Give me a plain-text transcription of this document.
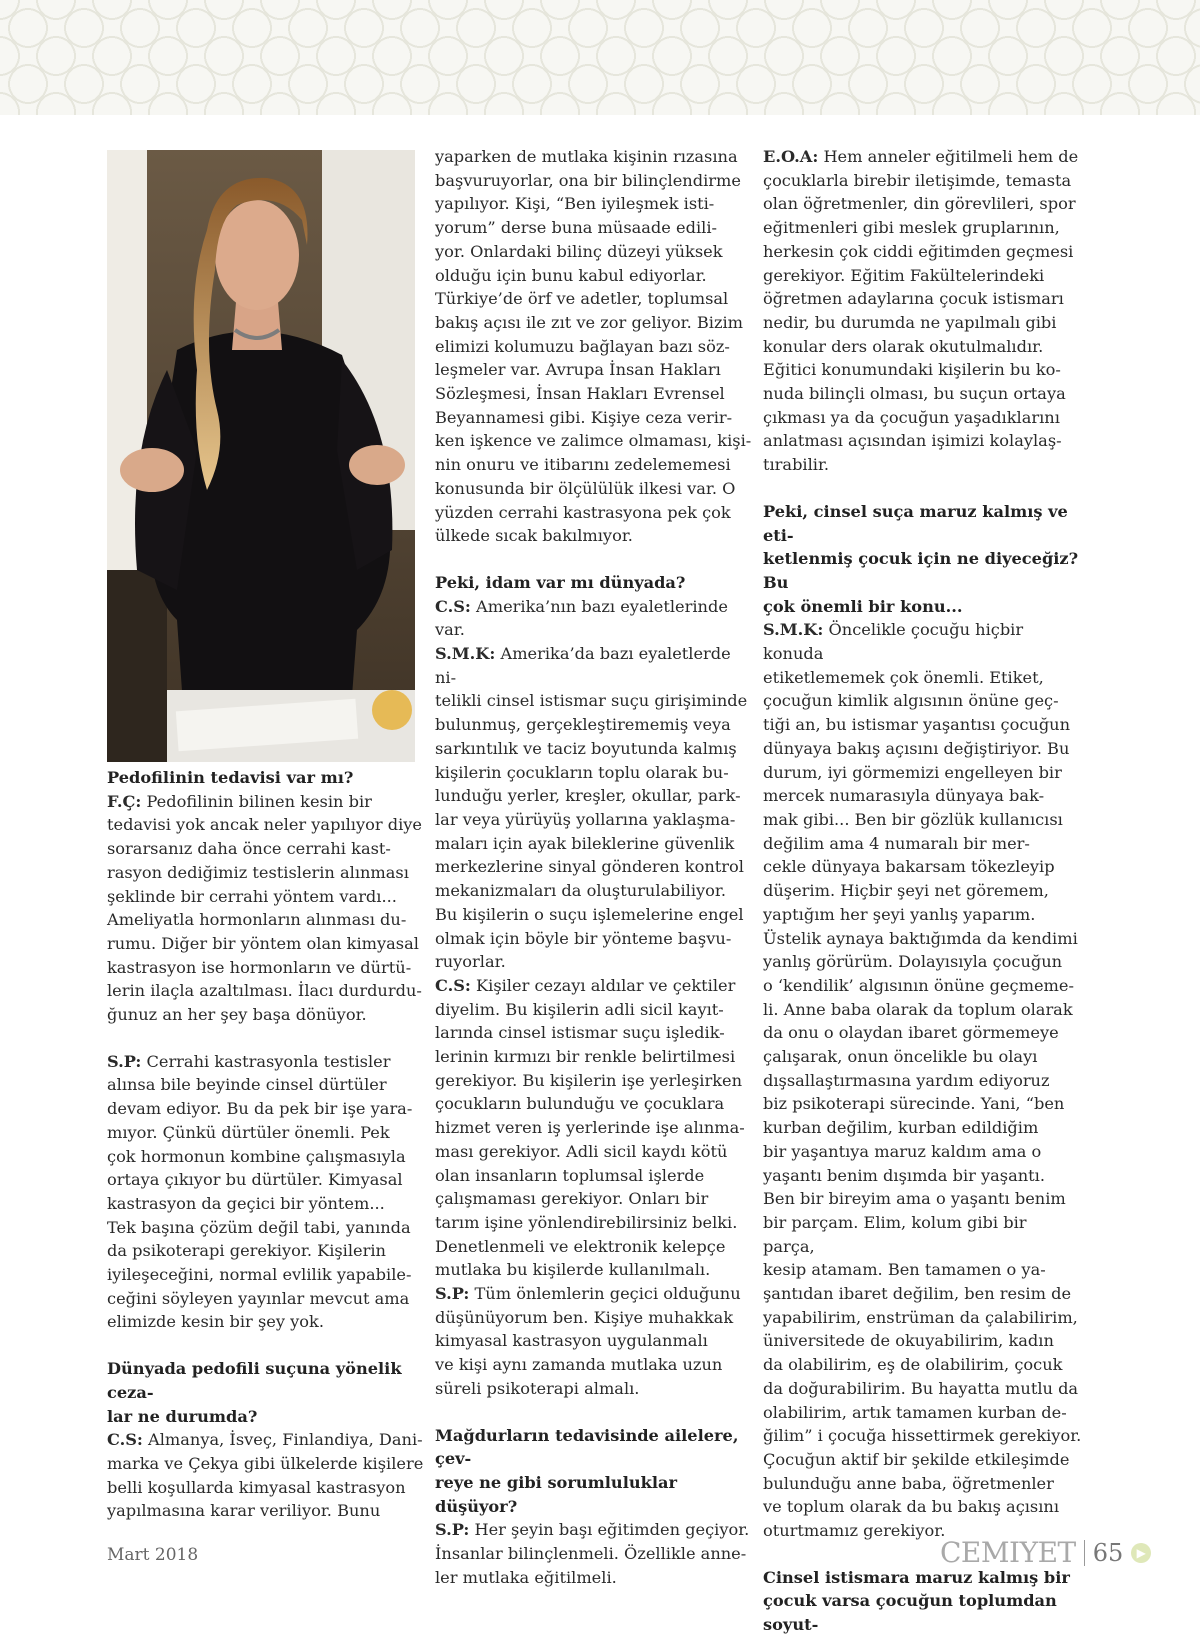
Pedofilinin tedavisi var mı?

F.Ç: Pedofilinin bilinen kesin bir
tedavisi yok ancak neler yapılıyor diye
sorarsanız daha önce cerrahi kast-
rasyon dediğimiz testislerin alınması
şeklinde bir cerrahi yöntem vardı...
Ameliyatla hormonların alınması du-
rumu. Diğer bir yöntem olan kimyasal
kastrasyon ise hormonların ve dürtü-
lerin ilaçla azaltılması. İlacı durdurdu-
ğunuz an her şey başa dönüyor.

S.P: Cerrahi kastrasyonla testisler
alınsa bile beyinde cinsel dürtüler
devam ediyor. Bu da pek bir işe yara-
mıyor. Çünkü dürtüler önemli. Pek
çok hormonun kombine çalışmasıyla
ortaya çıkıyor bu dürtüler. Kimyasal
kastrasyon da geçici bir yöntem...
Tek başına çözüm değil tabi, yanında
da psikoterapi gerekiyor. Kişilerin
iyileşeceğini, normal evlilik yapabile-
ceğini söyleyen yayınlar mevcut ama
elimizde kesin bir şey yok.

Dünyada pedofili suçuna yönelik ceza-
lar ne durumda?

C.S: Almanya, İsveç, Finlandiya, Dani-
marka ve Çekya gibi ülkelerde kişilere
belli koşullarda kimyasal kastrasyon
yapılmasına karar veriliyor. Bunu

yaparken de mutlaka kişinin rızasına
başvuruyorlar, ona bir bilinçlendirme
yapılıyor. Kişi, “Ben iyileşmek isti-
yorum” derse buna müsaade edili-
yor. Onlardaki bilinç düzeyi yüksek
olduğu için bunu kabul ediyorlar.
Türkiye’de örf ve adetler, toplumsal
bakış açısı ile zıt ve zor geliyor. Bizim
elimizi kolumuzu bağlayan bazı söz-
leşmeler var. Avrupa İnsan Hakları
Sözleşmesi, İnsan Hakları Evrensel
Beyannamesi gibi. Kişiye ceza verir-
ken işkence ve zalimce olmaması, kişi-
nin onuru ve itibarını zedelememesi
konusunda bir ölçülülük ilkesi var. O
yüzden cerrahi kastrasyona pek çok
ülkede sıcak bakılmıyor.

Peki, idam var mı dünyada?

C.S: Amerika’nın bazı eyaletlerinde
var.

S.M.K: Amerika’da bazı eyaletlerde ni-
telikli cinsel istismar suçu girişiminde
bulunmuş, gerçekleştirememiş veya
sarkıntılık ve taciz boyutunda kalmış
kişilerin çocukların toplu olarak bu-
lunduğu yerler, kreşler, okullar, park-
lar veya yürüyüş yollarına yaklaşma-
maları için ayak bileklerine güvenlik
merkezlerine sinyal gönderen kontrol
mekanizmaları da oluşturulabiliyor.
Bu kişilerin o suçu işlemelerine engel
olmak için böyle bir yönteme başvu-
ruyorlar.

C.S: Kişiler cezayı aldılar ve çektiler
diyelim. Bu kişilerin adli sicil kayıt-
larında cinsel istismar suçu işledik-
lerinin kırmızı bir renkle belirtilmesi
gerekiyor. Bu kişilerin işe yerleşirken
çocukların bulunduğu ve çocuklara
hizmet veren iş yerlerinde işe alınma-
ması gerekiyor. Adli sicil kaydı kötü
olan insanların toplumsal işlerde
çalışmaması gerekiyor. Onları bir
tarım işine yönlendirebilirsiniz belki.
Denetlenmeli ve elektronik kelepçe
mutlaka bu kişilerde kullanılmalı.

S.P: Tüm önlemlerin geçici olduğunu
düşünüyorum ben. Kişiye muhakkak
kimyasal kastrasyon uygulanmalı
ve kişi aynı zamanda mutlaka uzun
süreli psikoterapi almalı.

Mağdurların tedavisinde ailelere, çev-
reye ne gibi sorumluluklar düşüyor?

S.P: Her şeyin başı eğitimden geçiyor.
İnsanlar bilinçlenmeli. Özellikle anne-
ler mutlaka eğitilmeli.

E.O.A: Hem anneler eğitilmeli hem de
çocuklarla birebir iletişimde, temasta
olan öğretmenler, din görevlileri, spor
eğitmenleri gibi meslek gruplarının,
herkesin çok ciddi eğitimden geçmesi
gerekiyor. Eğitim Fakültelerindeki
öğretmen adaylarına çocuk istismarı
nedir, bu durumda ne yapılmalı gibi
konular ders olarak okutulmalıdır.
Eğitici konumundaki kişilerin bu ko-
nuda bilinçli olması, bu suçun ortaya
çıkması ya da çocuğun yaşadıklarını
anlatması açısından işimizi kolaylaş-
tırabilir.

Peki, cinsel suça maruz kalmış ve eti-
ketlenmiş çocuk için ne diyeceğiz? Bu
çok önemli bir konu...

S.M.K: Öncelikle çocuğu hiçbir konuda
etiketlememek çok önemli. Etiket,
çocuğun kimlik algısının önüne geç-
tiği an, bu istismar yaşantısı çocuğun
dünyaya bakış açısını değiştiriyor. Bu
durum, iyi görmemizi engelleyen bir
mercek numarasıyla dünyaya bak-
mak gibi... Ben bir gözlük kullanıcısı
değilim ama 4 numaralı bir mer-
cekle dünyaya bakarsam tökezleyip
düşerim. Hiçbir şeyi net göremem,
yaptığım her şeyi yanlış yaparım.
Üstelik aynaya baktığımda da kendimi
yanlış görürüm. Dolayısıyla çocuğun
o ‘kendilik’ algısının önüne geçmeme-
li. Anne baba olarak da toplum olarak
da onu o olaydan ibaret görmemeye
çalışarak, onun öncelikle bu olayı
dışsallaştırmasına yardım ediyoruz
biz psikoterapi sürecinde. Yani, “ben
kurban değilim, kurban edildiğim
bir yaşantıya maruz kaldım ama o
yaşantı benim dışımda bir yaşantı.
Ben bir bireyim ama o yaşantı benim
bir parçam. Elim, kolum gibi bir parça,
kesip atamam. Ben tamamen o ya-
şantıdan ibaret değilim, ben resim de
yapabilirim, enstrüman da çalabilirim,
üniversitede de okuyabilirim, kadın
da olabilirim, eş de olabilirim, çocuk
da doğurabilirim. Bu hayatta mutlu da
olabilirim, artık tamamen kurban de-
ğilim” i çocuğa hissettirmek gerekiyor.
Çocuğun aktif bir şekilde etkileşimde
bulunduğu anne baba, öğretmenler
ve toplum olarak da bu bakış açısını
oturtmamız gerekiyor.

Cinsel istismara maruz kalmış bir
çocuk varsa çocuğun toplumdan soyut-

Mart 2018	CEMIYET 65	▶
